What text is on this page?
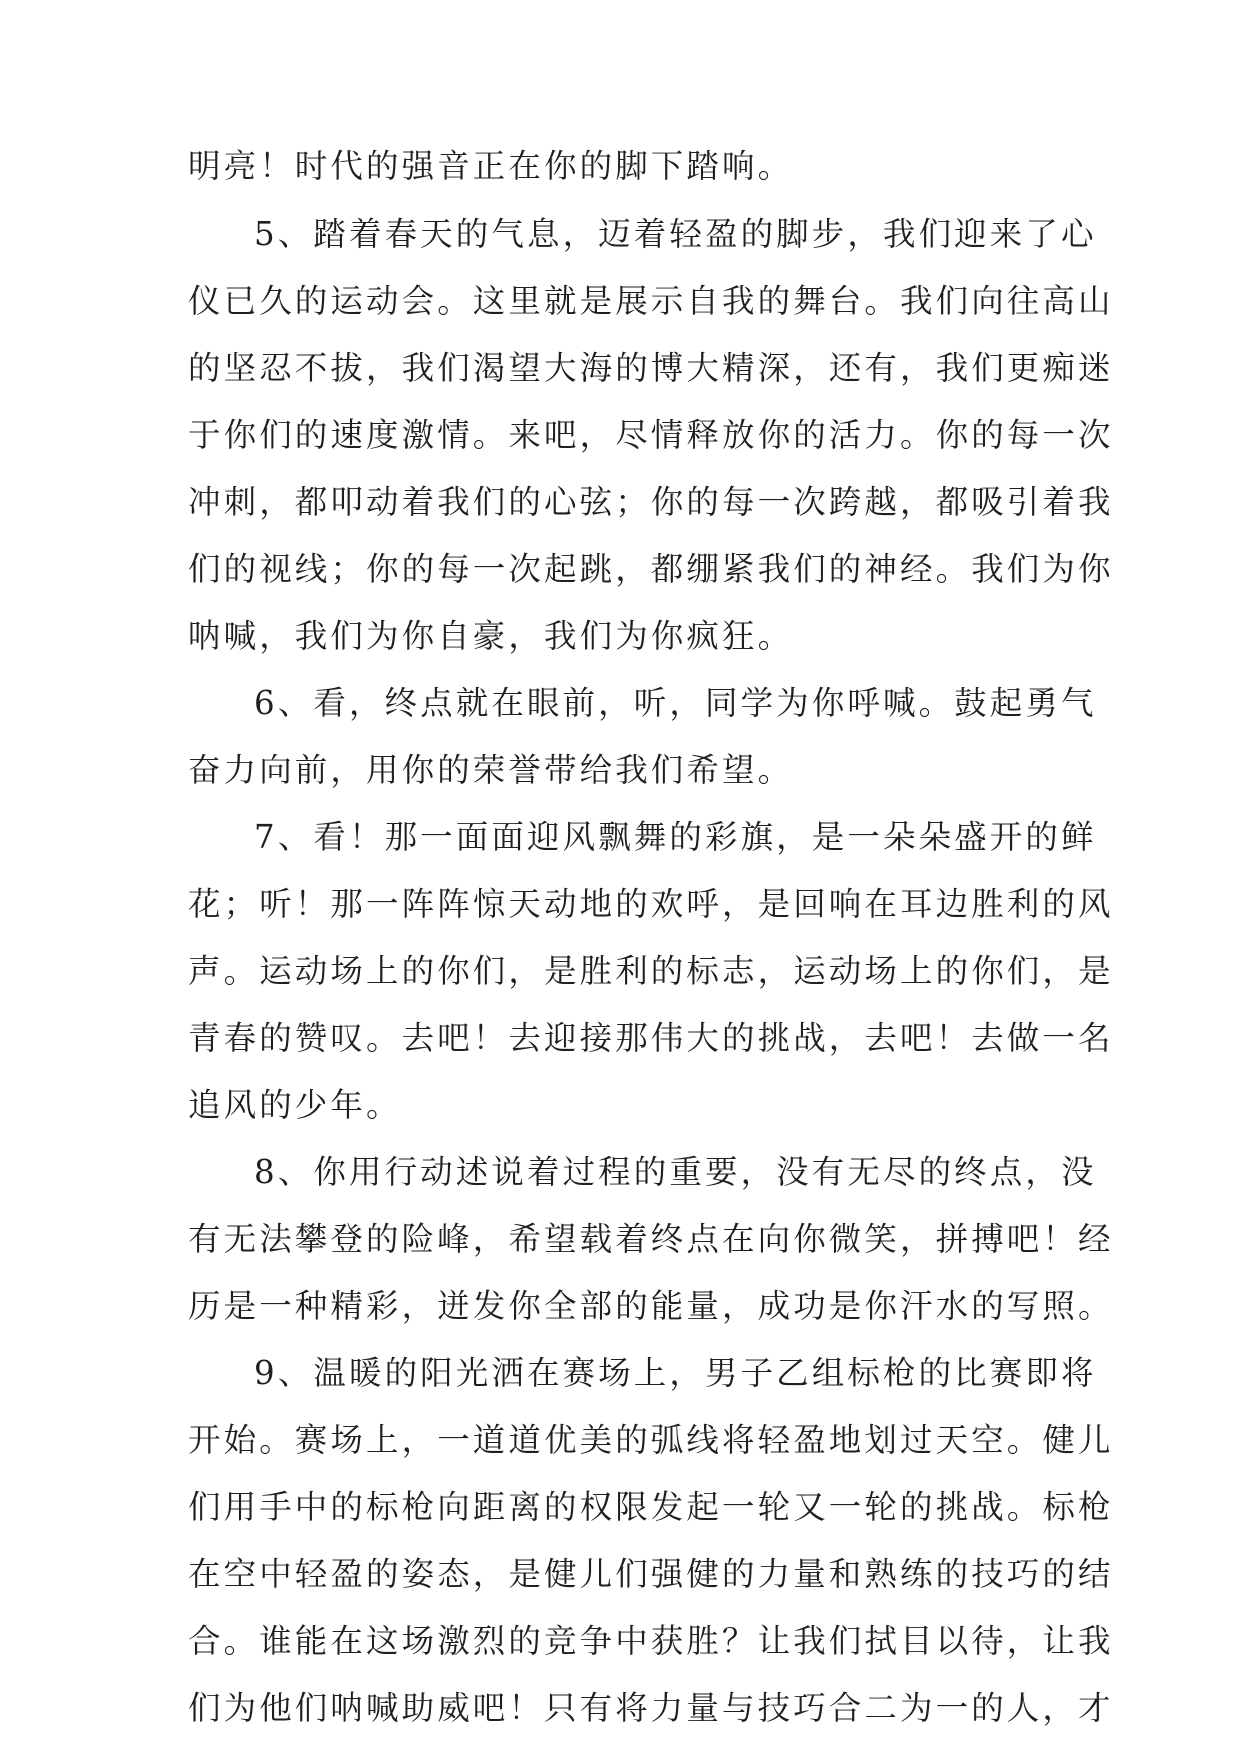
明亮！时代的强音正在你的脚下踏响。

5、踏着春天的气息，迈着轻盈的脚步，我们迎来了心

仪已久的运动会。这里就是展示自我的舞台。我们向往高山

的坚忍不拔，我们渴望大海的博大精深，还有，我们更痴迷

于你们的速度激情。来吧，尽情释放你的活力。你的每一次

冲刺，都叩动着我们的心弦；你的每一次跨越，都吸引着我

们的视线；你的每一次起跳，都绷紧我们的神经。我们为你

呐喊，我们为你自豪，我们为你疯狂。

6、看，终点就在眼前，听，同学为你呼喊。鼓起勇气

奋力向前，用你的荣誉带给我们希望。

7、看！那一面面迎风飘舞的彩旗，是一朵朵盛开的鲜

花；听！那一阵阵惊天动地的欢呼，是回响在耳边胜利的风

声。运动场上的你们，是胜利的标志，运动场上的你们，是

青春的赞叹。去吧！去迎接那伟大的挑战，去吧！去做一名

追风的少年。

8、你用行动述说着过程的重要，没有无尽的终点，没

有无法攀登的险峰，希望载着终点在向你微笑，拼搏吧！经

历是一种精彩，迸发你全部的能量，成功是你汗水的写照。

9、温暖的阳光洒在赛场上，男子乙组标枪的比赛即将

开始。赛场上，一道道优美的弧线将轻盈地划过天空。健儿

们用手中的标枪向距离的权限发起一轮又一轮的挑战。标枪

在空中轻盈的姿态，是健儿们强健的力量和熟练的技巧的结

合。谁能在这场激烈的竞争中获胜？让我们拭目以待，让我

们为他们呐喊助威吧！只有将力量与技巧合二为一的人，才
